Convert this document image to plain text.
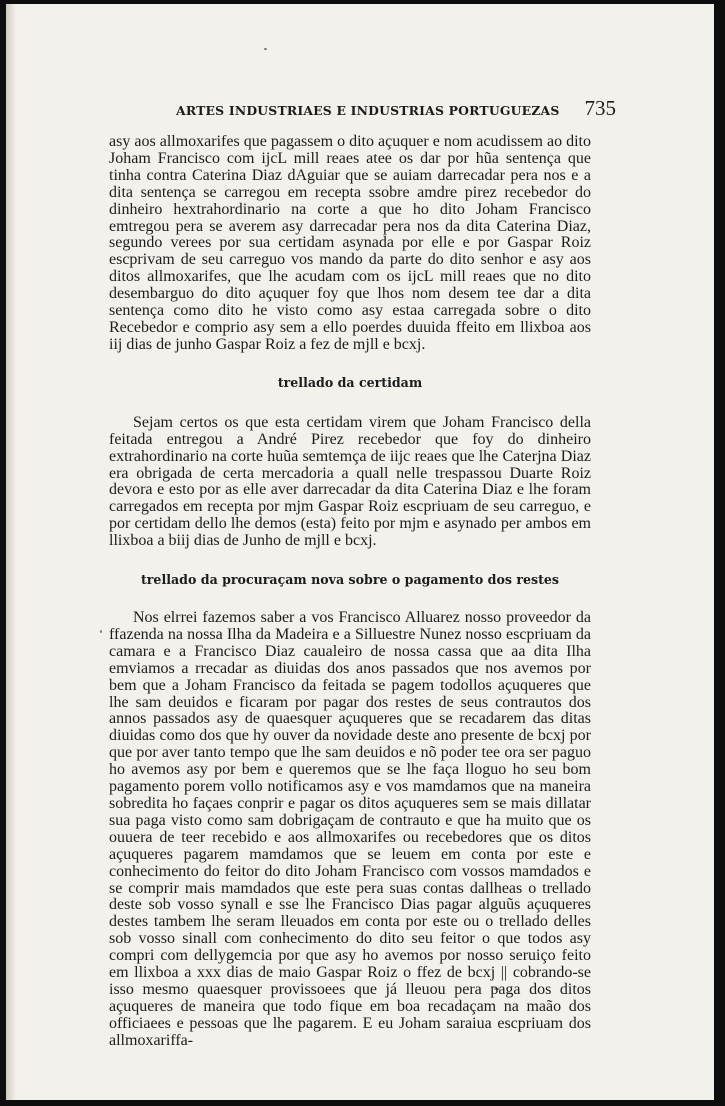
ARTES INDUSTRIAES E INDUSTRIAS PORTUGUEZAS 735

asy aos allmoxarifes que pagassem o dito açuquer e nom acudissem ao dito Joham Francisco com ijcL mill reaes atee os dar por hũa sentença que tinha contra Caterina Diaz dAguiar que se auiam darrecadar pera nos e a dita sentença se carregou em recepta ssobre amdre pirez recebedor do dinheiro hextrahordinario na corte a que ho dito Joham Francisco emtregou pera se averem asy darrecadar pera nos da dita Caterina Diaz, segundo verees por sua certidam asynada por elle e por Gaspar Roiz escprivam de seu carreguo vos mando da parte do dito senhor e asy aos ditos allmoxarifes, que lhe acudam com os ijcL mill reaes que no dito desembarguo do dito açuquer foy que lhos nom desem tee dar a dita sentença como dito he visto como asy estaa carregada sobre o dito Recebedor e comprio asy sem a ello poerdes duuida ffeito em llixboa aos iij dias de junho Gaspar Roiz a fez de mjll e bcxj.

trellado da certidam

Sejam certos os que esta certidam virem que Joham Francisco della feitada entregou a André Pirez recebedor que foy do dinheiro extrahordinario na corte huũa semtemça de iijc reaes que lhe Caterjna Diaz era obrigada de certa mercadoria a quall nelle trespassou Duarte Roiz devora e esto por as elle aver darrecadar da dita Caterina Diaz e lhe foram carregados em recepta por mjm Gaspar Roiz escpriuam de seu carreguo, e por certidam dello lhe demos (esta) feito por mjm e asynado per ambos em llixboa a biij dias de Junho de mjll e bcxj.

trellado da procuraçam nova sobre o pagamento dos restes

Nos elrrei fazemos saber a vos Francisco Alluarez nosso proveedor da ffazenda na nossa Ilha da Madeira e a Silluestre Nunez nosso escpriuam da camara e a Francisco Diaz caualeiro de nossa cassa que aa dita Ilha emviamos a rrecadar as diuidas dos anos passados que nos avemos por bem que a Joham Francisco da feitada se pagem todollos açuqueres que lhe sam deuidos e ficaram por pagar dos restes de seus contrautos dos annos passados asy de quaesquer açuqueres que se recadarem das ditas diuidas como dos que hy ouver da novidade deste ano presente de bcxj por que por aver tanto tempo que lhe sam deuidos e nõ poder tee ora ser paguo ho avemos asy por bem e queremos que se lhe faça lloguo ho seu bom pagamento porem vollo notificamos asy e vos mamdamos que na maneira sobredita ho façaes conprir e pagar os ditos açuqueres sem se mais dillatar sua paga visto como sam dobrigaçam de contrauto e que ha muito que os ouuera de teer recebido e aos allmoxarifes ou recebedores que os ditos açuqueres pagarem mamdamos que se leuem em conta por este e conhecimento do feitor do dito Joham Francisco com vossos mamdados e se comprir mais mamdados que este pera suas contas dallheas o trellado deste sob vosso synall e sse lhe Francisco Dias pagar alguũs açuqueres destes tambem lhe seram lleuados em conta por este ou o trellado delles sob vosso sinall com conhecimento do dito seu feitor o que todos asy compri com dellygemcia por que asy ho avemos por nosso seruiço feito em llixboa a xxx dias de maio Gaspar Roiz o ffez de bcxj || cobrando-se isso mesmo quaesquer provissoees que já lleuou pera paga dos ditos açuqueres de maneira que todo fique em boa recadaçam na maão dos officiaees e pessoas que lhe pagarem. E eu Joham saraiua escpriuam dos allmoxariffa-
